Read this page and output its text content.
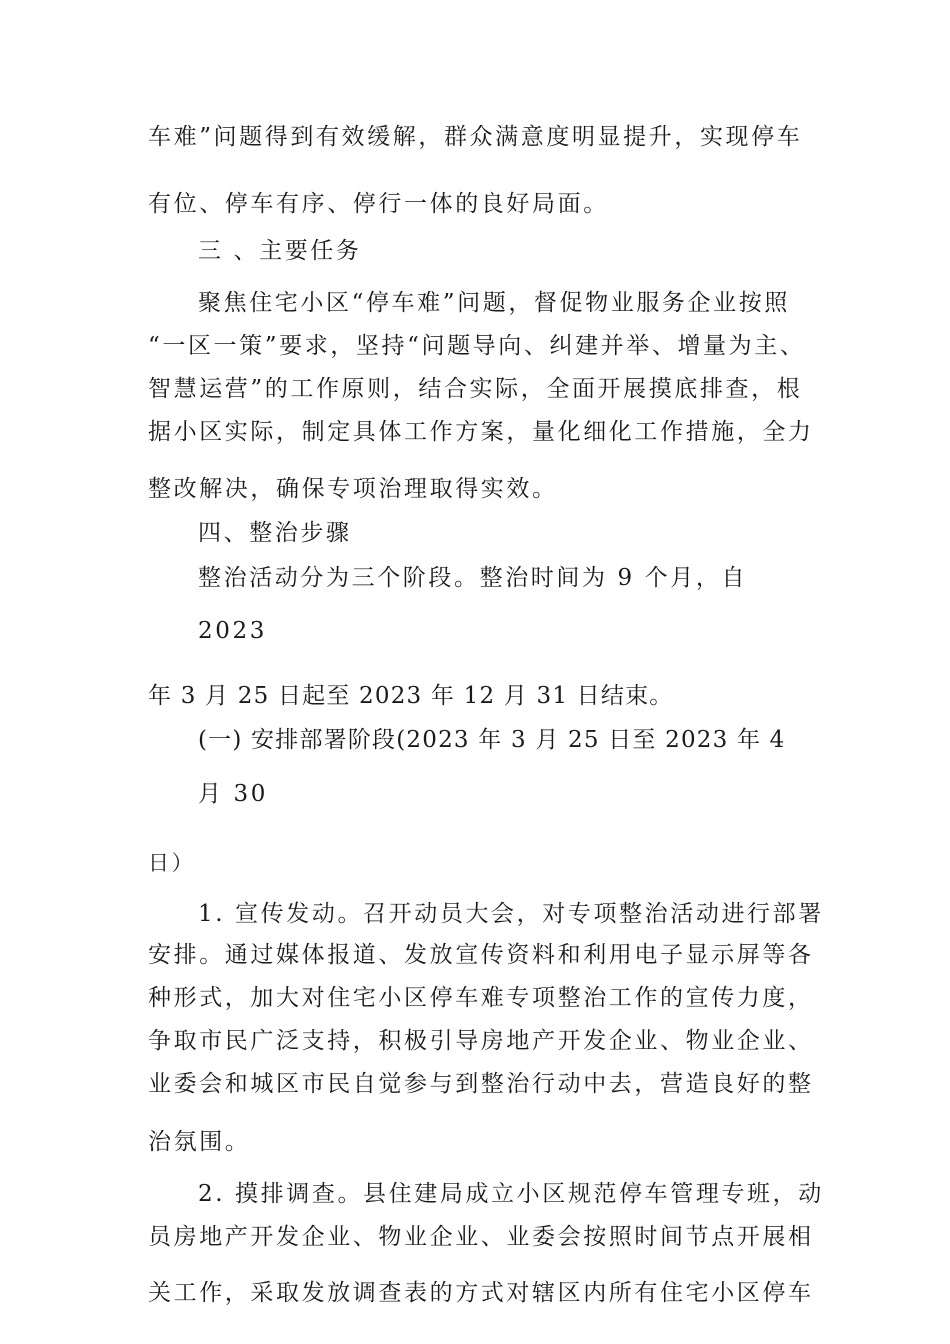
车难”问题得到有效缓解，群众满意度明显提升，实现停车
有位、停车有序、停行一体的良好局面。
三 、主要任务
聚焦住宅小区“停车难”问题，督促物业服务企业按照
“一区一策”要求，坚持“问题导向、纠建并举、增量为主、
智慧运营”的工作原则，结合实际，全面开展摸底排查，根
据小区实际，制定具体工作方案，量化细化工作措施，全力
整改解决，确保专项治理取得实效。
四、整治步骤
整治活动分为三个阶段。整治时间为 9 个月，自
2023
年 3 月 25 日起至 2023 年 12 月 31 日结束。
(一) 安排部署阶段(2023 年 3 月 25 日至 2023 年 4
月 30
日）
1. 宣传发动。召开动员大会，对专项整治活动进行部署
安排。通过媒体报道、发放宣传资料和利用电子显示屏等各
种形式，加大对住宅小区停车难专项整治工作的宣传力度，
争取市民广泛支持，积极引导房地产开发企业、物业企业、
业委会和城区市民自觉参与到整治行动中去，营造良好的整
治氛围。
2. 摸排调查。县住建局成立小区规范停车管理专班，动
员房地产开发企业、物业企业、业委会按照时间节点开展相
关工作，采取发放调查表的方式对辖区内所有住宅小区停车
